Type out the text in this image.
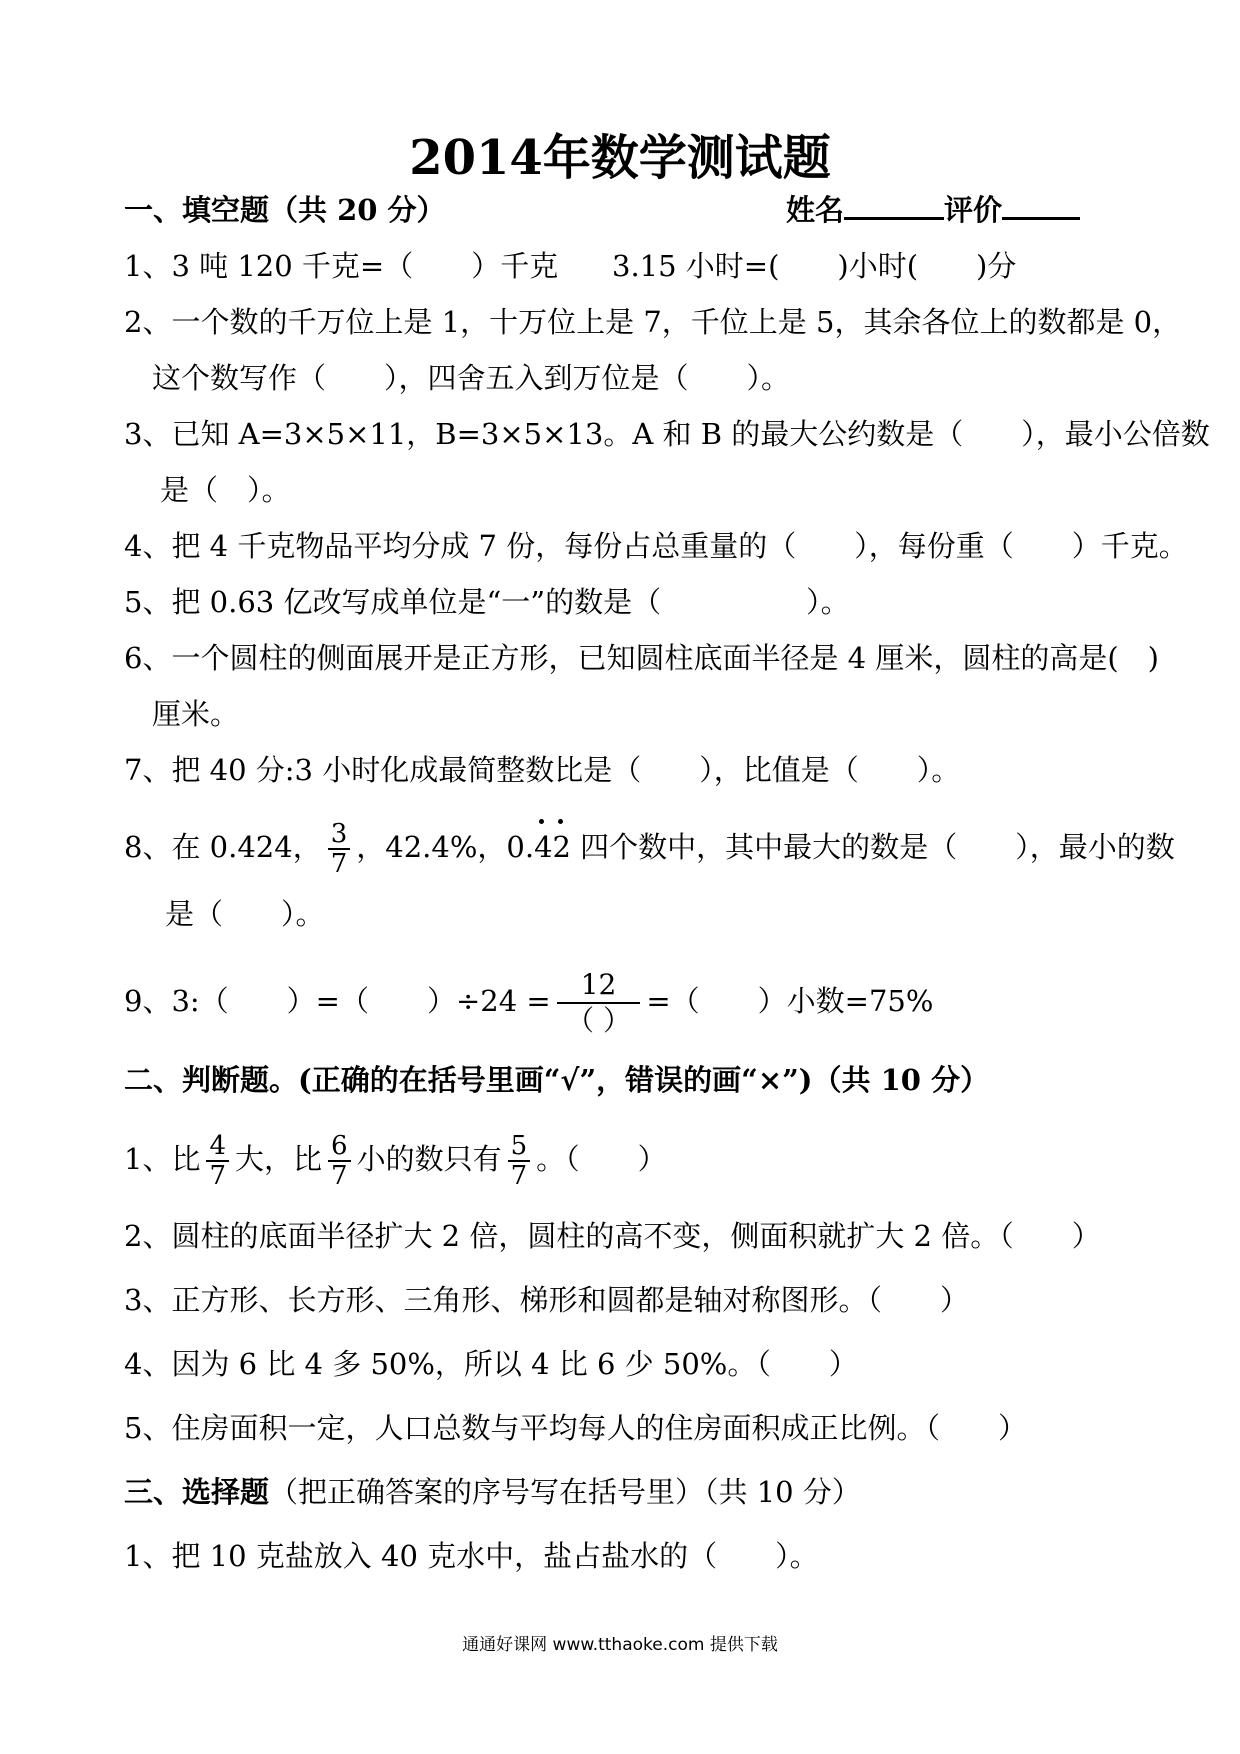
2014年数学测试题
一、填空题（共 20 分）	姓名	评价
1、3 吨 120 千克=（　　）千克 3.15 小时=(　　)小时(　　)分
2、一个数的千万位上是 1，十万位上是 7，千位上是 5，其余各位上的数都是 0，
这个数写作（　　），四舍五入到万位是（　　）。
3、已知 A=3×5×11，B=3×5×13。A 和 B 的最大公约数是（　　），最小公倍数
是（　）。
4、把 4 千克物品平均分成 7 份，每份占总重量的（　　），每份重（　　）千克。
5、把 0.63 亿改写成单位是“一”的数是（　　　　　）。
6、一个圆柱的侧面展开是正方形，已知圆柱底面半径是 4 厘米，圆柱的高是(　)
厘米。
7、把 40 分:3 小时化成最简整数比是（　　），比值是（　　）。
8、在 0.424， $\frac{3}{7}$ ，42.4%，0.
4
2 四个数中，其中最大的数是（　　），最小的数
是（　　）。
9、3:（　　）=（　　）$\div 24 = \frac{12}{( )}$ =（　　）小数=75%
二、判断题。(正确的在括号里画“√”，错误的画“×”)（共 10 分）
1、比 $\frac{4}{7}$ 大，比 $\frac{6}{7}$ 小的数只有 $\frac{5}{7}$ 。（　　）
2、圆柱的底面半径扩大 2 倍，圆柱的高不变，侧面积就扩大 2 倍。（　　）
3、正方形、长方形、三角形、梯形和圆都是轴对称图形。（　　）
4、因为 6 比 4 多 50%，所以 4 比 6 少 50%。（　　）
5、住房面积一定，人口总数与平均每人的住房面积成正比例。（　　）
三、选择题（把正确答案的序号写在括号里）（共 10 分）
1、把 10 克盐放入 40 克水中，盐占盐水的（　　）。
通通好课网 www.tthaoke.com 提供下载
